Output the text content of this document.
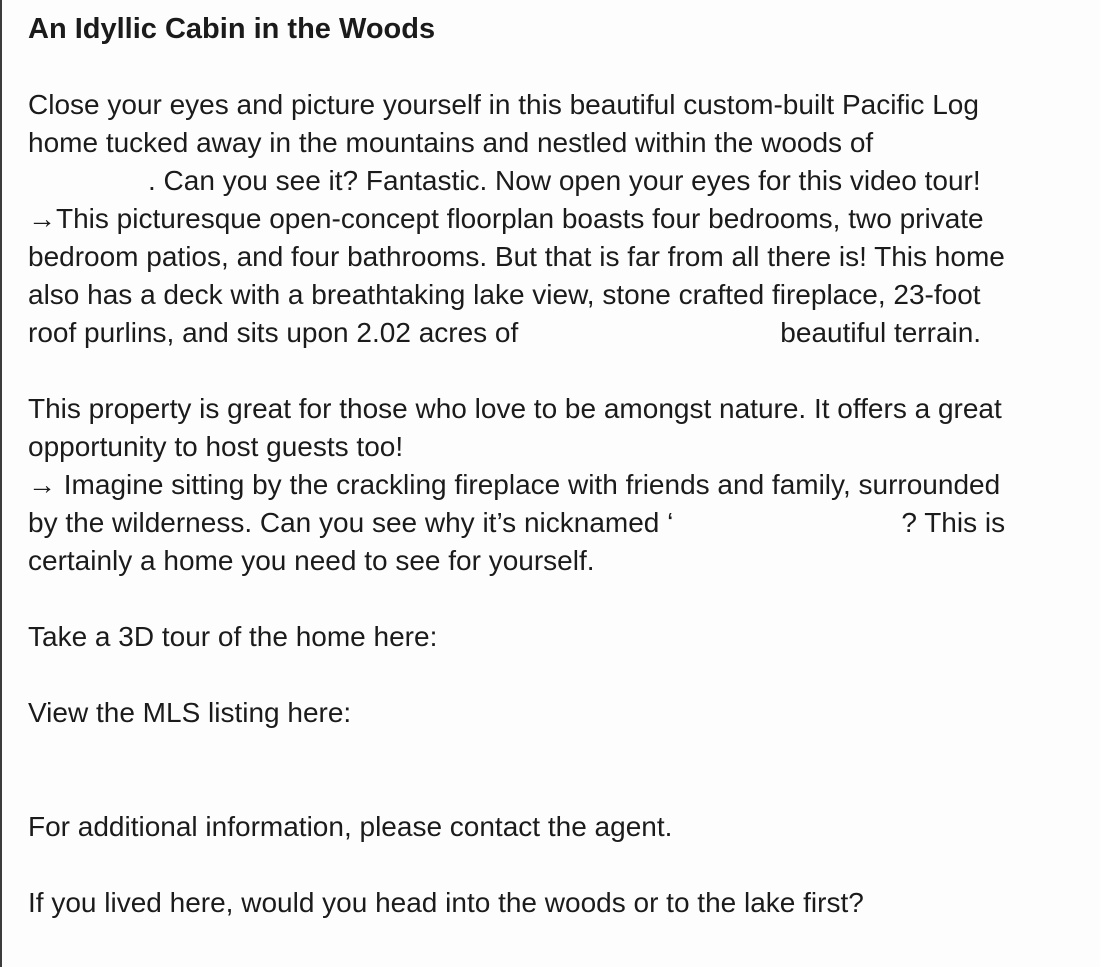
An Idyllic Cabin in the Woods
Close your eyes and picture yourself in this beautiful custom-built Pacific Log
home tucked away in the mountains and nestled within the woods of
. Can you see it? Fantastic. Now open your eyes for this video tour!
→This picturesque open-concept floorplan boasts four bedrooms, two private
bedroom patios, and four bathrooms. But that is far from all there is! This home
also has a deck with a breathtaking lake view, stone crafted fireplace, 23-foot
roof purlins, and sits upon 2.02 acres of	beautiful terrain.
This property is great for those who love to be amongst nature. It offers a great
opportunity to host guests too!
→ Imagine sitting by the crackling fireplace with friends and family, surrounded
by the wilderness. Can you see why it’s nicknamed ‘	? This is
certainly a home you need to see for yourself.
Take a 3D tour of the home here:
View the MLS listing here:
For additional information, please contact the agent.
If you lived here, would you head into the woods or to the lake first?
